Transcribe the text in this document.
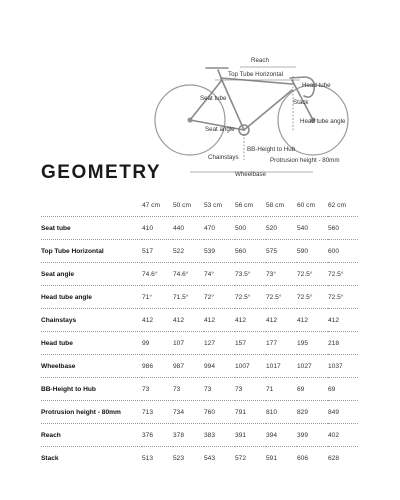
Reach
Top Tube Horizontal
Head tube
Seat tube
Stack
Seat angle
Head tube angle
Chainstays
BB-Height to Hub
Protrusion height - 80mm
Wheelbase
GEOMETRY
	47 cm	50 cm	53 cm	56 cm	58 cm	60 cm	62 cm
Seat tube	410	440	470	500	520	540	560
Top Tube Horizontal	517	522	539	560	575	590	600
Seat angle	74.6°	74.6°	74°	73.5°	73°	72.5°	72.5°
Head tube angle	71°	71.5°	72°	72.5°	72.5°	72.5°	72.5°
Chainstays	412	412	412	412	412	412	412
Head tube	99	107	127	157	177	195	218
Wheelbase	986	987	994	1007	1017	1027	1037
BB-Height to Hub	73	73	73	73	71	69	69
Protrusion height - 80mm	713	734	760	791	810	829	849
Reach	376	378	383	391	394	399	402
Stack	513	523	543	572	591	606	628
